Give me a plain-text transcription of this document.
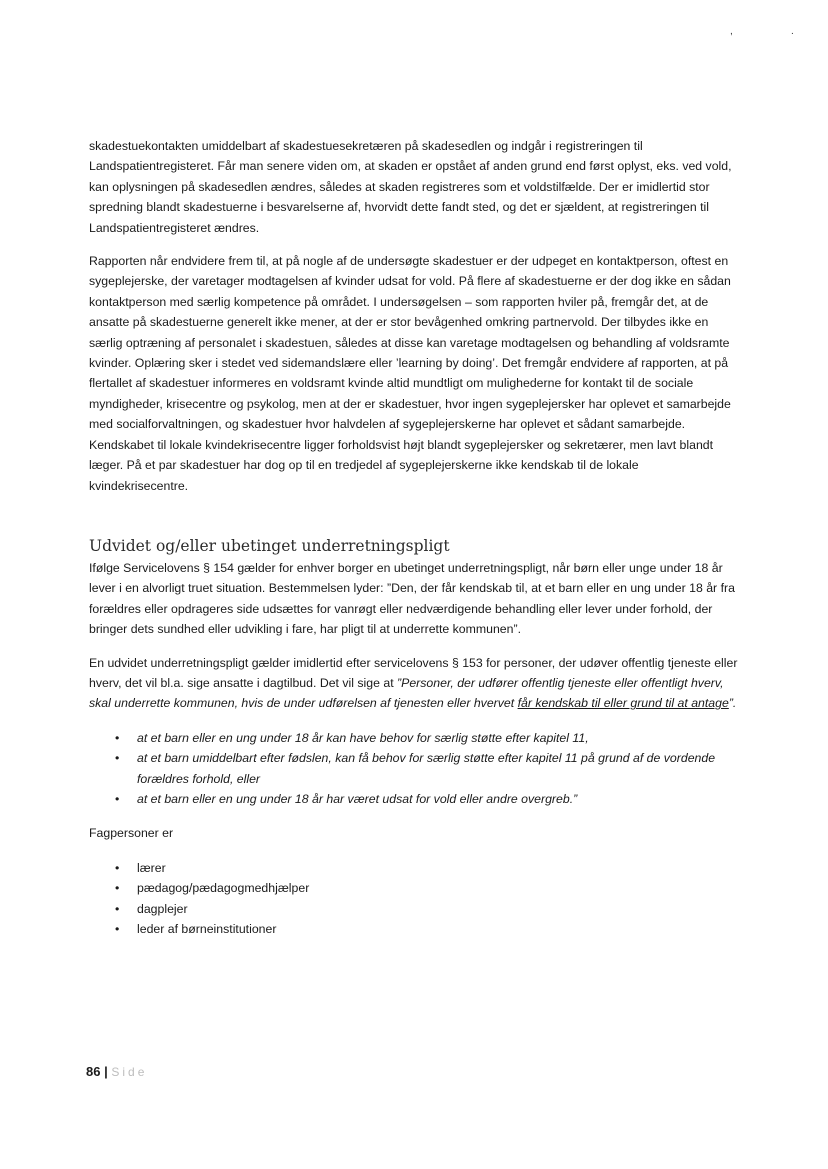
,	.

skadestuekontakten umiddelbart af skadestuesekretæren på skadesedlen og indgår i registreringen til Landspatientregisteret. Får man senere viden om, at skaden er opstået af anden grund end først oplyst, eks. ved vold, kan oplysningen på skadesedlen ændres, således at skaden registreres som et voldstilfælde. Der er imidlertid stor spredning blandt skadestuerne i besvarelserne af, hvorvidt dette fandt sted, og det er sjældent, at registreringen til Landspatientregisteret ændres.

Rapporten når endvidere frem til, at på nogle af de undersøgte skadestuer er der udpeget en kontaktperson, oftest en sygeplejerske, der varetager modtagelsen af kvinder udsat for vold. På flere af skadestuerne er der dog ikke en sådan kontaktperson med særlig kompetence på området. I undersøgelsen – som rapporten hviler på, fremgår det, at de ansatte på skadestuerne generelt ikke mener, at der er stor bevågenhed omkring partnervold. Der tilbydes ikke en særlig optræning af personalet i skadestuen, således at disse kan varetage modtagelsen og behandling af voldsramte kvinder. Oplæring sker i stedet ved sidemandslære eller ’learning by doing’. Det fremgår endvidere af rapporten, at på flertallet af skadestuer informeres en voldsramt kvinde altid mundtligt om mulighederne for kontakt til de sociale myndigheder, krisecentre og psykolog, men at der er skadestuer, hvor ingen sygeplejersker har oplevet et samarbejde med socialforvaltningen, og skadestuer hvor halvdelen af sygeplejerskerne har oplevet et sådant samarbejde. Kendskabet til lokale kvindekrisecentre ligger forholdsvist højt blandt sygeplejersker og sekretærer, men lavt blandt læger. På et par skadestuer har dog op til en tredjedel af sygeplejerskerne ikke kendskab til de lokale kvindekrisecentre.

Udvidet og/eller ubetinget underretningspligt

Ifølge Servicelovens § 154 gælder for enhver borger en ubetinget underretningspligt, når børn eller unge under 18 år lever i en alvorligt truet situation. Bestemmelsen lyder: ”Den, der får kendskab til, at et barn eller en ung under 18 år fra forældres eller opdrageres side udsættes for vanrøgt eller nedværdigende behandling eller lever under forhold, der bringer dets sundhed eller udvikling i fare, har pligt til at underrette kommunen”.

En udvidet underretningspligt gælder imidlertid efter servicelovens § 153 for personer, der udøver offentlig tjeneste eller hverv, det vil bl.a. sige ansatte i dagtilbud. Det vil sige at ”Personer, der udfører offentlig tjeneste eller offentligt hverv, skal underrette kommunen, hvis de under udførelsen af tjenesten eller hvervet får kendskab til eller grund til at antage”.

• at et barn eller en ung under 18 år kan have behov for særlig støtte efter kapitel 11,
• at et barn umiddelbart efter fødslen, kan få behov for særlig støtte efter kapitel 11 på grund af de vordende forældres forhold, eller
• at et barn eller en ung under 18 år har været udsat for vold eller andre overgreb.”

Fagpersoner er

• lærer
• pædagog/pædagogmedhjælper
• dagplejer
• leder af børneinstitutioner
86 | Side
